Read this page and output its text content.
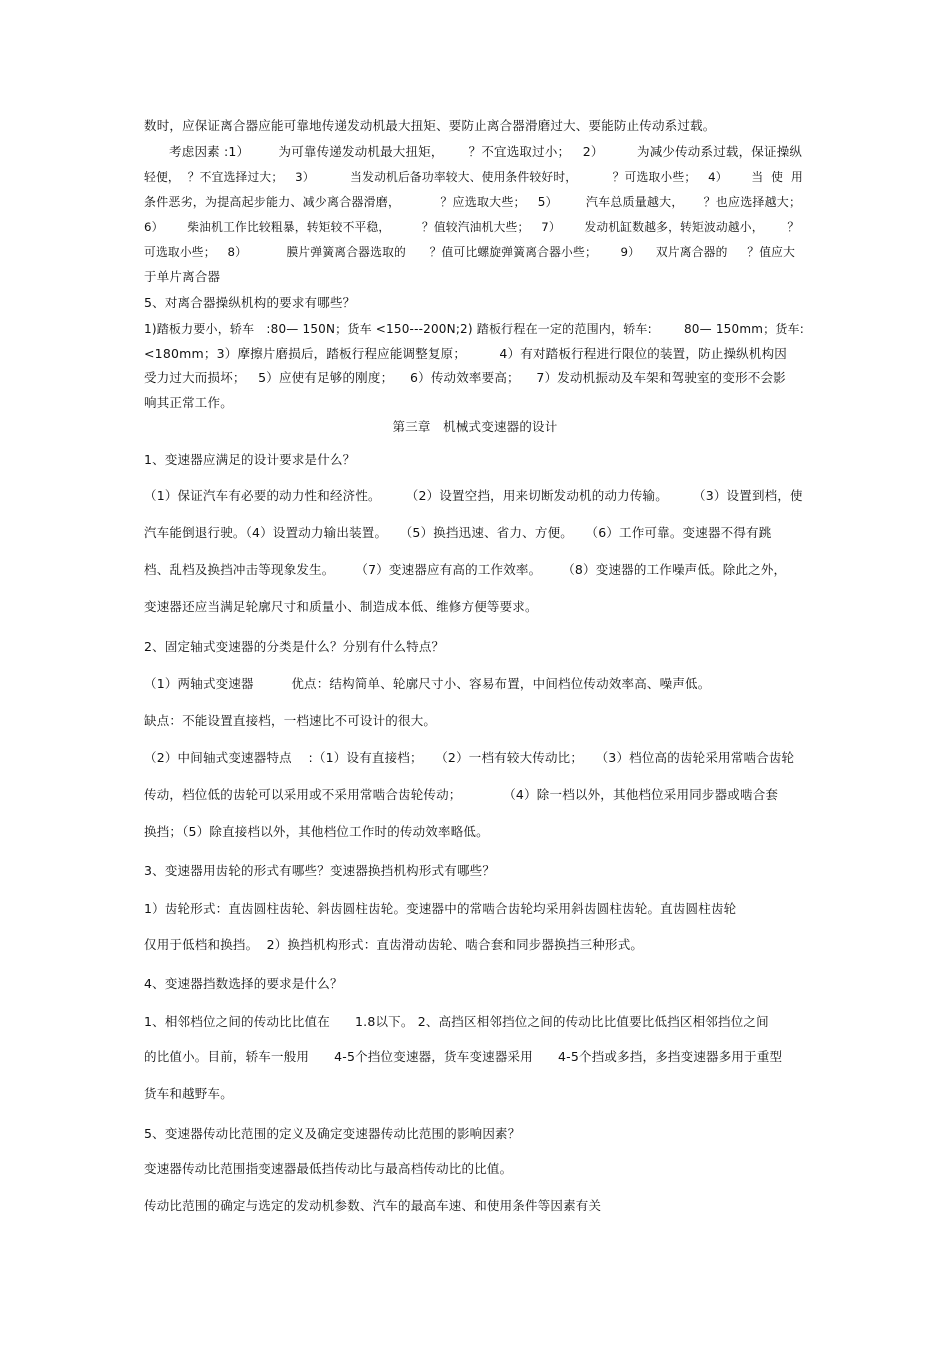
数时，应保证离合器应能可靠地传递发动机最大扭矩、要防止离合器滑磨过大、要能防止传动系过载。
考虑因素 :1）       为可靠传递发动机最大扭矩，      ？不宜选取过小；   2）        为减少传动系过载，保证操纵
轻便，  ？不宜选择过大；   3）         当发动机后备功率较大、使用条件较好时，         ？可选取小些；   4）      当  使  用
条件恶劣，为提高起步能力、减少离合器滑磨，          ？应选取大些；   5）       汽车总质量越大，     ？也应选择越大；
6）      柴油机工作比较粗暴，转矩较不平稳，        ？值较汽油机大些；   7）      发动机缸数越多，转矩波动越小，      ？
可选取小些；   8）          膜片弹簧离合器选取的      ？值可比螺旋弹簧离合器小些；      9）    双片离合器的     ？值应大
于单片离合器
5、对离合器操纵机构的要求有哪些？
1)踏板力要小，轿车   :80— 150N；货车 <150---200N;2) 踏板行程在一定的范围内，轿车:        80— 150mm；货车:
<180mm；3）摩擦片磨损后，踏板行程应能调整复原；        4）有对踏板行程进行限位的装置，防止操纵机构因
受力过大而损坏；   5）应使有足够的刚度；    6）传动效率要高；    7）发动机振动及车架和驾驶室的变形不会影
响其正常工作。
第三章   机械式变速器的设计
1、变速器应满足的设计要求是什么？
（1）保证汽车有必要的动力性和经济性。      （2）设置空挡，用来切断发动机的动力传输。      （3）设置到档，使
汽车能倒退行驶。（4）设置动力输出装置。   （5）换挡迅速、省力、方便。   （6）工作可靠。变速器不得有跳
档、乱档及换挡冲击等现象发生。     （7）变速器应有高的工作效率。     （8）变速器的工作噪声低。除此之外，
变速器还应当满足轮廓尺寸和质量小、制造成本低、维修方便等要求。
2、固定轴式变速器的分类是什么？分别有什么特点？
（1）两轴式变速器         优点：结构简单、轮廓尺寸小、容易布置，中间档位传动效率高、噪声低。
缺点：不能设置直接档，一档速比不可设计的很大。
（2）中间轴式变速器特点    :（1）设有直接档；   （2）一档有较大传动比；   （3）档位高的齿轮采用常啮合齿轮
传动，档位低的齿轮可以采用或不采用常啮合齿轮传动；          （4）除一档以外，其他档位采用同步器或啮合套
换挡；（5）除直接档以外，其他档位工作时的传动效率略低。
3、变速器用齿轮的形式有哪些？变速器换挡机构形式有哪些？
1）齿轮形式：直齿圆柱齿轮、斜齿圆柱齿轮。变速器中的常啮合齿轮均采用斜齿圆柱齿轮。直齿圆柱齿轮
仅用于低档和换挡。  2）换挡机构形式：直齿滑动齿轮、啮合套和同步器换挡三种形式。
4、变速器挡数选择的要求是什么？
1、相邻档位之间的传动比比值在      1.8以下。 2、高挡区相邻挡位之间的传动比比值要比低挡区相邻挡位之间
的比值小。目前，轿车一般用      4-5个挡位变速器，货车变速器采用      4-5个挡或多挡，多挡变速器多用于重型
货车和越野车。
5、变速器传动比范围的定义及确定变速器传动比范围的影响因素？
变速器传动比范围指变速器最低挡传动比与最高档传动比的比值。
传动比范围的确定与选定的发动机参数、汽车的最高车速、和使用条件等因素有关
